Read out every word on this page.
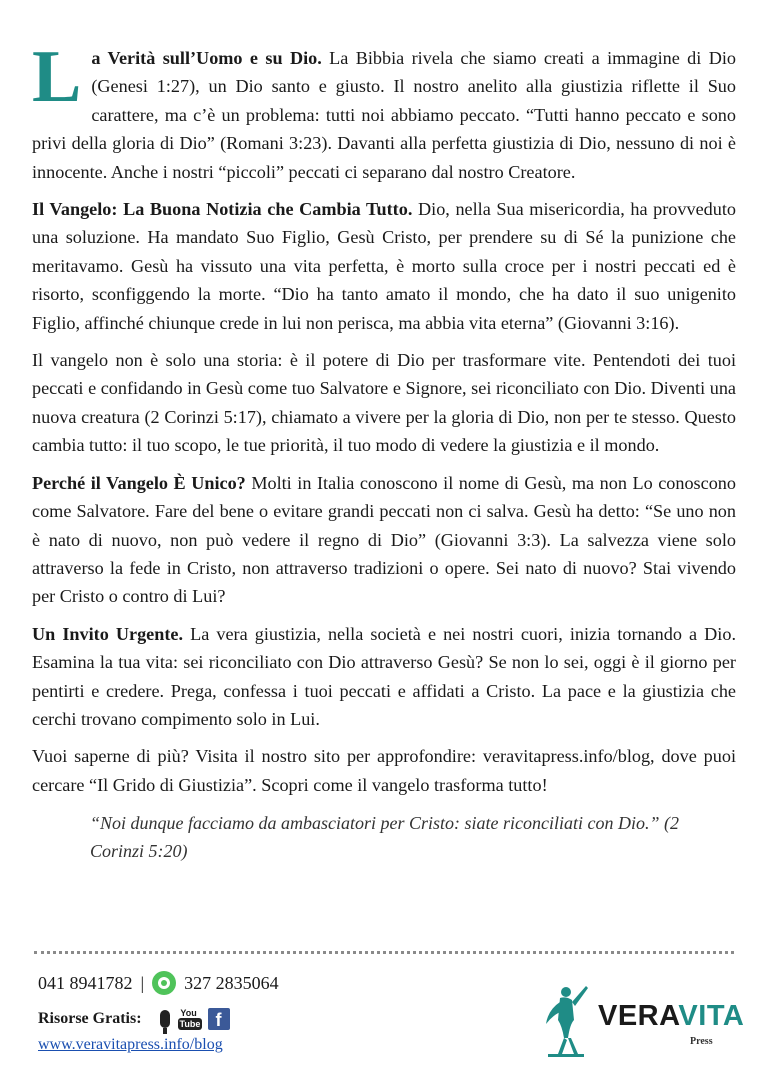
La Verità sull’Uomo e su Dio. La Bibbia rivela che siamo creati a immagine di Dio (Genesi 1:27), un Dio santo e giusto. Il nostro anelito alla giustizia riflette il Suo carattere, ma c’è un problema: tutti noi abbiamo peccato. “Tutti hanno peccato e sono privi della gloria di Dio” (Romani 3:23). Davanti alla perfetta giustizia di Dio, nessuno di noi è innocente. Anche i nostri “piccoli” peccati ci separano dal nostro Creatore.

Il Vangelo: La Buona Notizia che Cambia Tutto. Dio, nella Sua misericordia, ha provveduto una soluzione. Ha mandato Suo Figlio, Gesù Cristo, per prendere su di Sé la punizione che meritavamo. Gesù ha vissuto una vita perfetta, è morto sulla croce per i nostri peccati ed è risorto, sconfiggendo la morte. “Dio ha tanto amato il mondo, che ha dato il suo unigenito Figlio, affinché chiunque crede in lui non perisca, ma abbia vita eterna” (Giovanni 3:16).

Il vangelo non è solo una storia: è il potere di Dio per trasformare vite. Pentendoti dei tuoi peccati e confidando in Gesù come tuo Salvatore e Signore, sei riconciliato con Dio. Diventi una nuova creatura (2 Corinzi 5:17), chiamato a vivere per la gloria di Dio, non per te stesso. Questo cambia tutto: il tuo scopo, le tue priorità, il tuo modo di vedere la giustizia e il mondo.

Perché il Vangelo È Unico? Molti in Italia conoscono il nome di Gesù, ma non Lo conoscono come Salvatore. Fare del bene o evitare grandi peccati non ci salva. Gesù ha detto: “Se uno non è nato di nuovo, non può vedere il regno di Dio” (Giovanni 3:3). La salvezza viene solo attraverso la fede in Cristo, non attraverso tradizioni o opere. Sei nato di nuovo? Stai vivendo per Cristo o contro di Lui?

Un Invito Urgente. La vera giustizia, nella società e nei nostri cuori, inizia tornando a Dio. Esamina la tua vita: sei riconciliato con Dio attraverso Gesù? Se non lo sei, oggi è il giorno per pentirti e credere. Prega, confessa i tuoi peccati e affidati a Cristo. La pace e la giustizia che cerchi trovano compimento solo in Lui.

Vuoi saperne di più? Visita il nostro sito per approfondire: veravitapress.info/blog, dove puoi cercare “Il Grido di Giustizia”. Scopri come il vangelo trasforma tutto!

“Noi dunque facciamo da ambasciatori per Cristo: siate riconciliati con Dio.” (2 Corinzi 5:20)
041 8941782 | 327 2835064
Risorse Gratis:	You
Tube f
www.veravitapress.info/blog
VERAVITA
Press
